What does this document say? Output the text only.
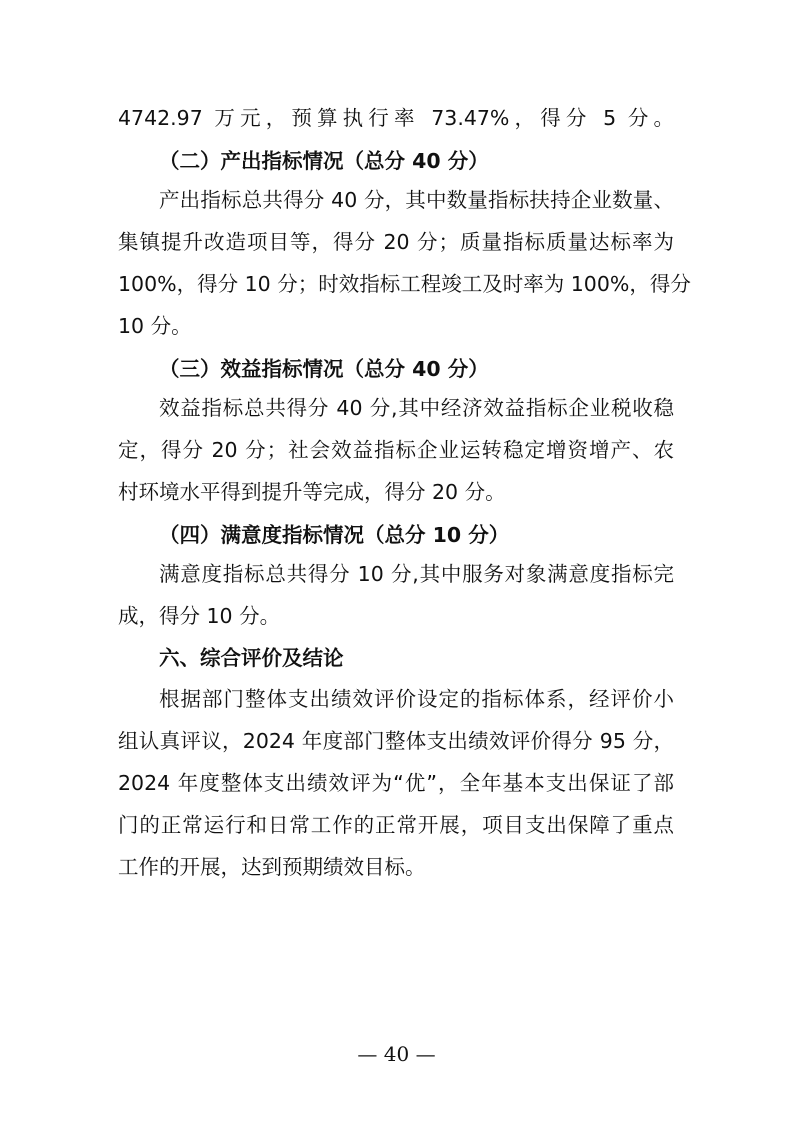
4742.97 万元，预算执行率 73.47%，得分 5 分。
（二）产出指标情况（总分 40 分）
产出指标总共得分 40 分，其中数量指标扶持企业数量、
集镇提升改造项目等，得分 20 分；质量指标质量达标率为
100%，得分 10 分；时效指标工程竣工及时率为 100%，得分
10 分。
（三）效益指标情况（总分 40 分）
效益指标总共得分 40 分,其中经济效益指标企业税收稳
定，得分 20 分；社会效益指标企业运转稳定增资增产、农
村环境水平得到提升等完成，得分 20 分。
（四）满意度指标情况（总分 10 分）
满意度指标总共得分 10 分,其中服务对象满意度指标完
成，得分 10 分。
六、综合评价及结论
根据部门整体支出绩效评价设定的指标体系，经评价小
组认真评议，2024 年度部门整体支出绩效评价得分 95 分，
2024 年度整体支出绩效评为“优”，全年基本支出保证了部
门的正常运行和日常工作的正常开展，项目支出保障了重点
工作的开展，达到预期绩效目标。
— 40 —
